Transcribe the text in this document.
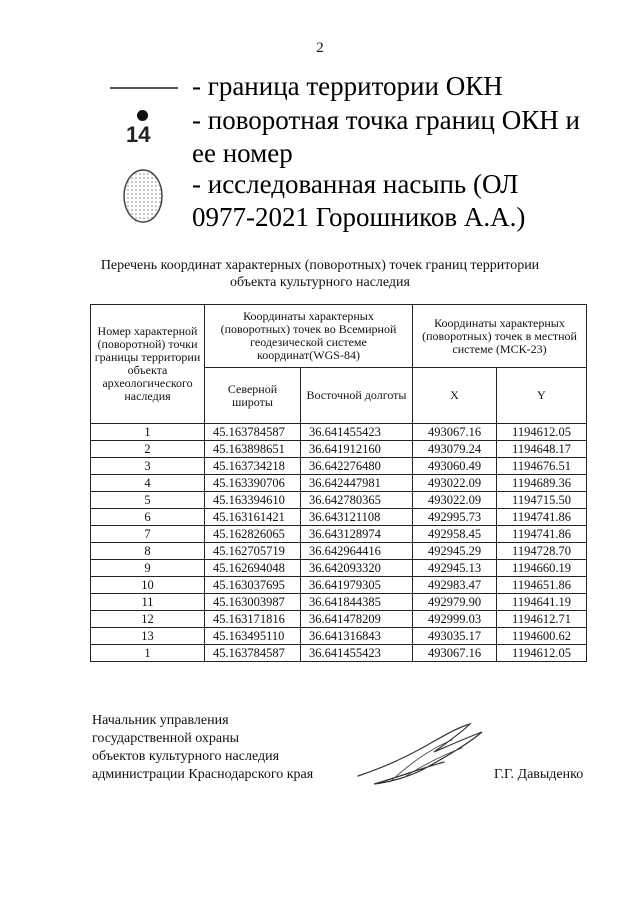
2
- граница территории ОКН
14 - поворотная точка границ ОКН и
ее номер
- исследованная насыпь (ОЛ
0977-2021 Горошников А.А.)
Перечень координат характерных (поворотных) точек границ территории
объекта культурного наследия
Номер характерной (поворотной) точки границы территории объекта археологического наследия	Координаты характерных (поворотных) точек во Всемирной геодезической системе координат(WGS-84)		Координаты характерных (поворотных) точек в местной системе (МСК-23)	
	Северной широты	Восточной долготы	X	Y
1	45.163784587	36.641455423	493067.16	1194612.05
2	45.163898651	36.641912160	493079.24	1194648.17
3	45.163734218	36.642276480	493060.49	1194676.51
4	45.163390706	36.642447981	493022.09	1194689.36
5	45.163394610	36.642780365	493022.09	1194715.50
6	45.163161421	36.643121108	492995.73	1194741.86
7	45.162826065	36.643128974	492958.45	1194741.86
8	45.162705719	36.642964416	492945.29	1194728.70
9	45.162694048	36.642093320	492945.13	1194660.19
10	45.163037695	36.641979305	492983.47	1194651.86
11	45.163003987	36.641844385	492979.90	1194641.19
12	45.163171816	36.641478209	492999.03	1194612.71
13	45.163495110	36.641316843	493035.17	1194600.62
1	45.163784587	36.641455423	493067.16	1194612.05
Начальник управления
государственной охраны
объектов культурного наследия
администрации Краснодарского края	Г.Г. Давыденко
